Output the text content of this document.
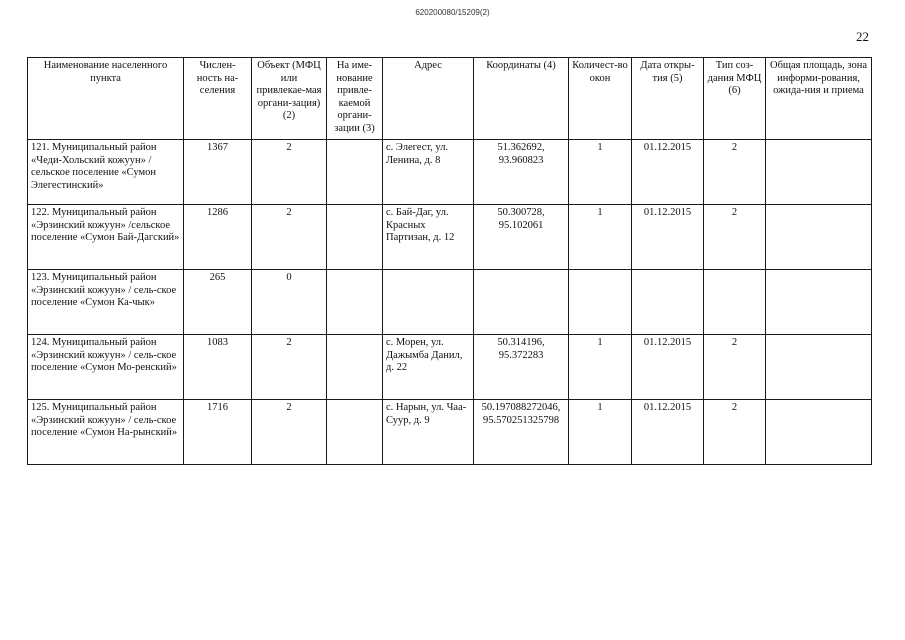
620200080/15209(2)
22
Наименование населенного пункта	Числен-ность на-селения	Объект (МФЦ или привлекае-мая органи-зация) (2)	На име-нование привле-каемой органи-зации (3)	Адрес	Координаты (4)	Количест-во окон	Дата откры-тия (5)	Тип соз-дания МФЦ (6)	Общая площадь, зона информи-рования, ожида-ния и приема
121. Муниципальный район «Чеди-Хольский кожуун» / сельское поселение «Сумон Элегестинский»	1367	2		с. Элегест, ул. Ленина, д. 8	51.362692, 93.960823	1	01.12.2015	2	
122. Муниципальный район «Эрзинский кожуун» /сельское поселение «Сумон Бай-Дагский»	1286	2		с. Бай-Даг, ул. Красных Партизан, д. 12	50.300728, 95.102061	1	01.12.2015	2	
123. Муниципальный район «Эрзинский кожуун» / сель-ское поселение «Сумон Ка-чык»	265	0							
124. Муниципальный район «Эрзинский кожуун» / сель-ское поселение «Сумон Мо-ренский»	1083	2		с. Морен, ул. Дажымба Данил, д. 22	50.314196, 95.372283	1	01.12.2015	2	
125. Муниципальный район «Эрзинский кожуун» / сель-ское поселение «Сумон На-рынский»	1716	2		с. Нарын, ул. Чаа-Суур, д. 9	50.197088272046, 95.570251325798	1	01.12.2015	2	
